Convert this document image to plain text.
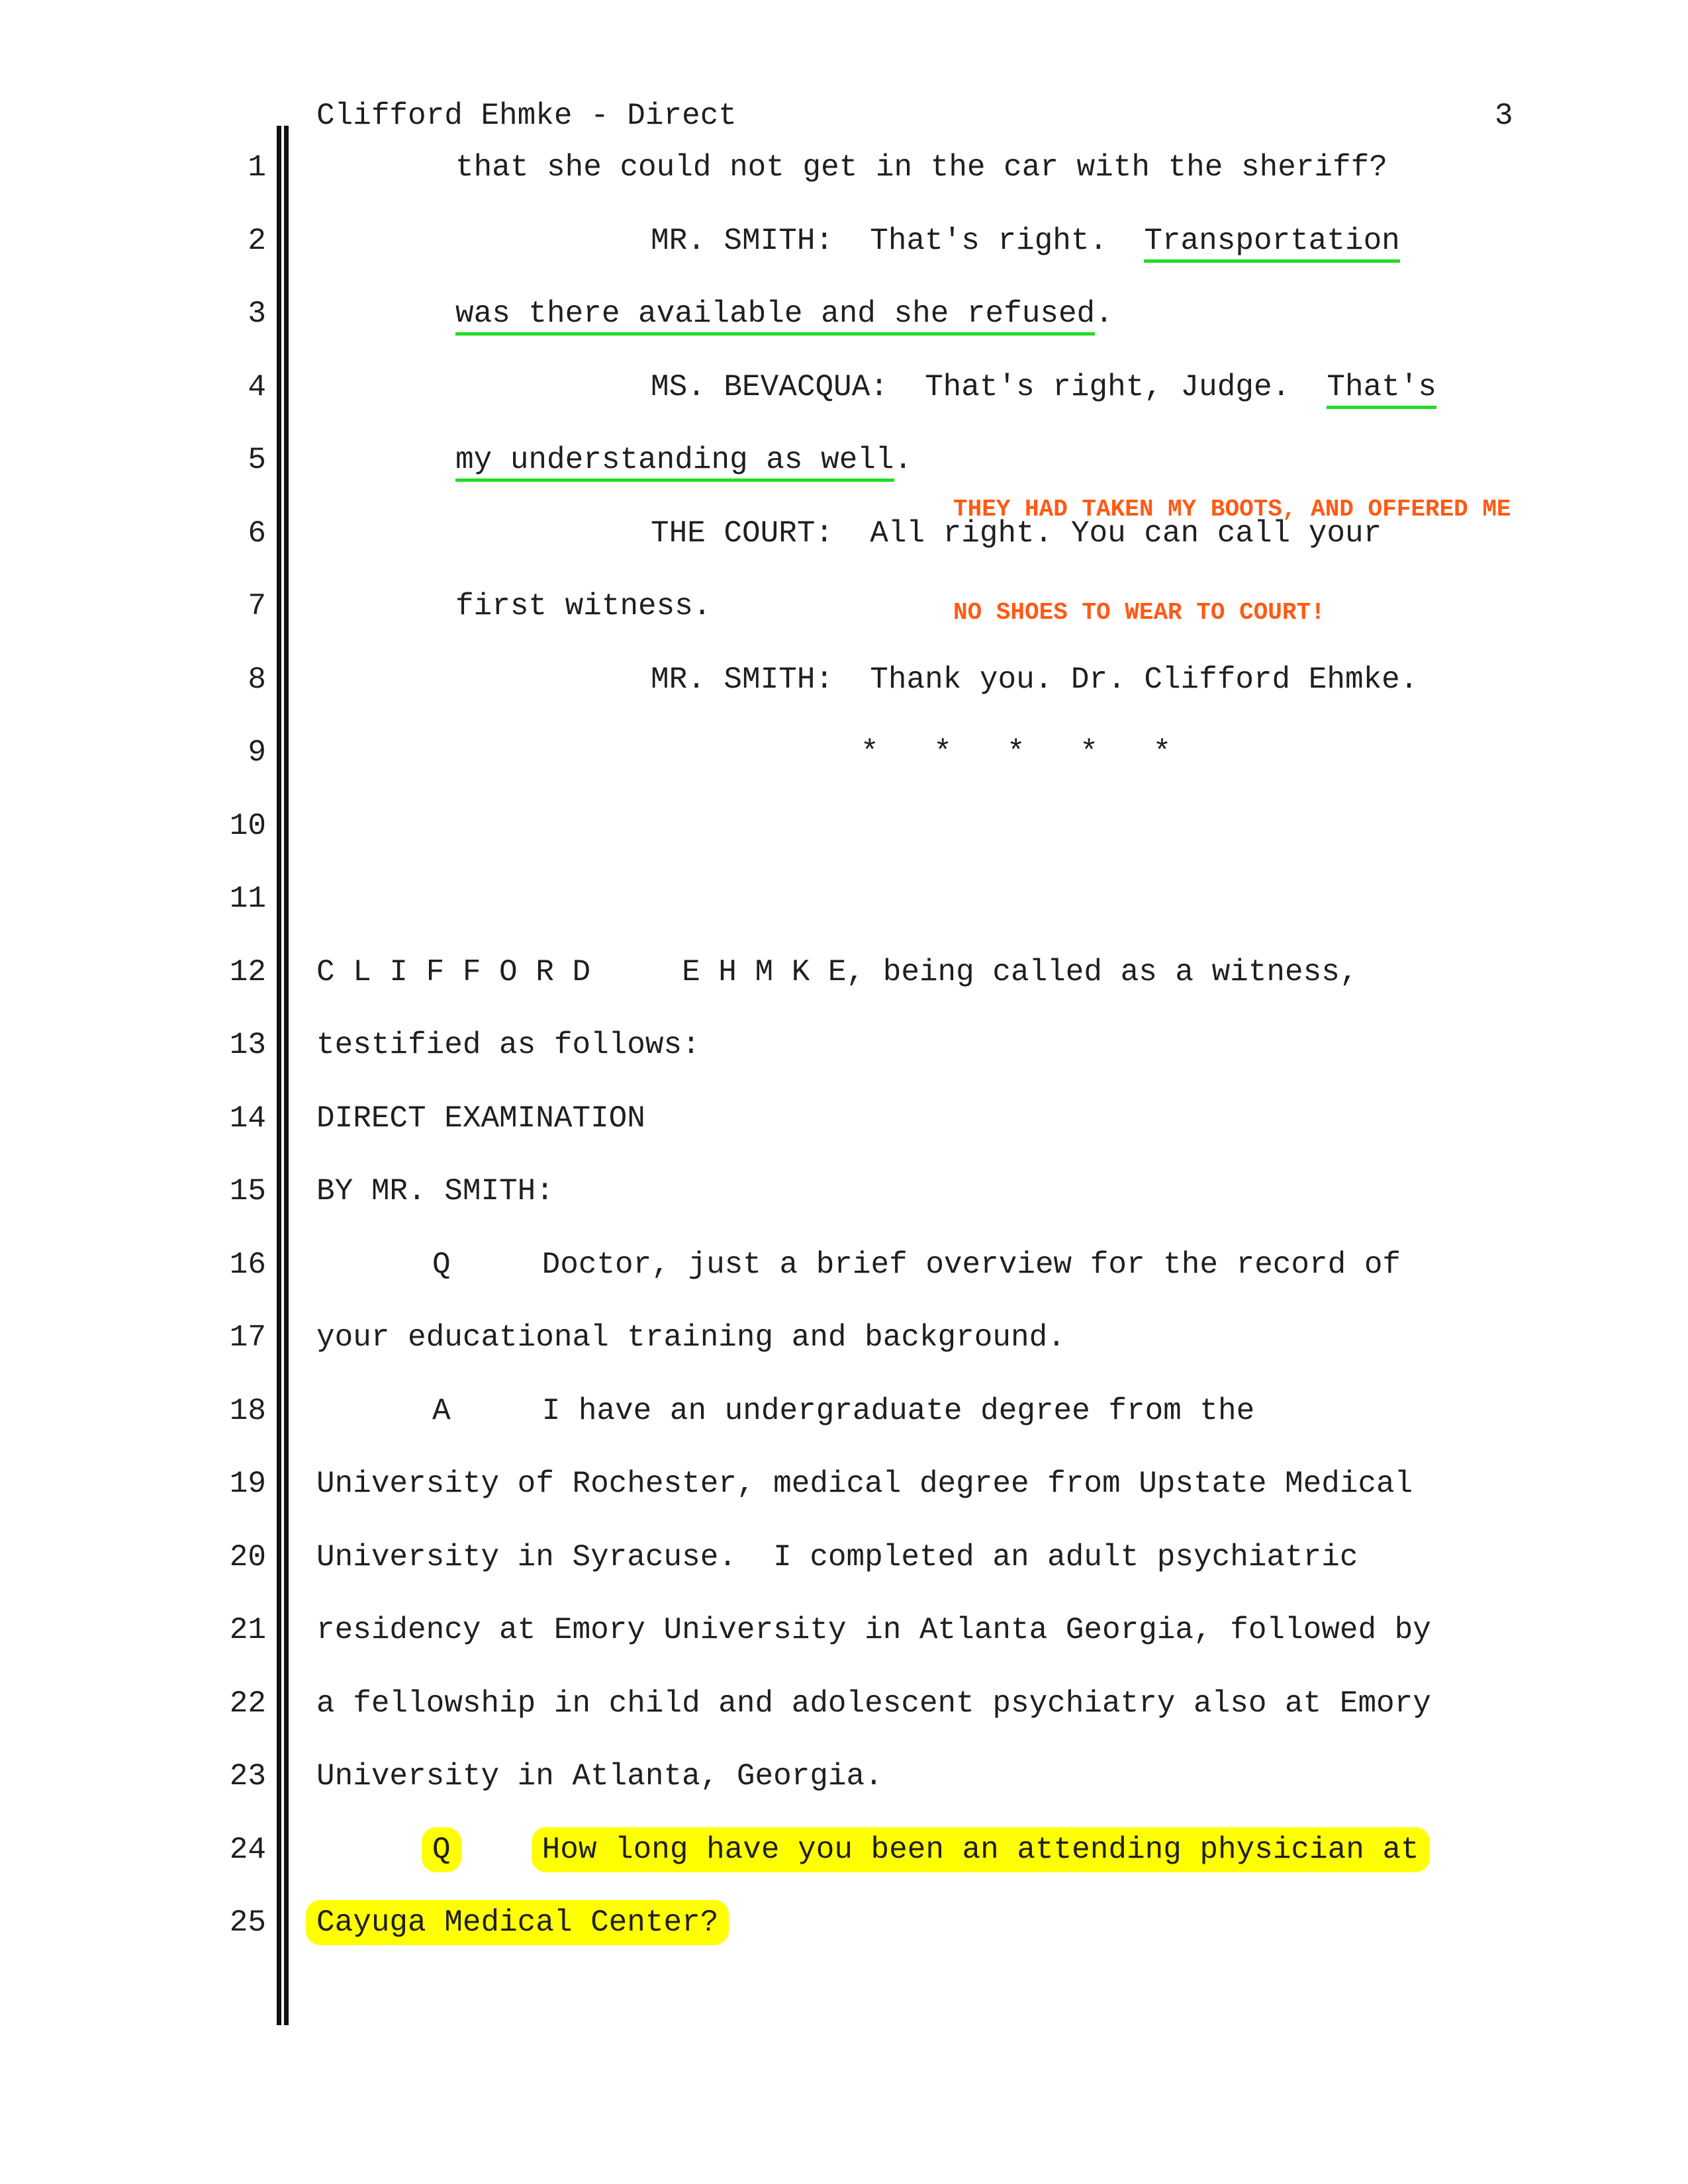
Clifford Ehmke - Direct	3
1	that she could not get in the car with the sheriff?
2	MR. SMITH:  That's right.  Transportation
3	was there available and she refused.
4	MS. BEVACQUA:  That's right, Judge.  That's
5	my understanding as well.
6	THE COURT:  All right. You can call your
7	first witness.
8	MR. SMITH:  Thank you. Dr. Clifford Ehmke.
9	*   *   *   *   *
10
11
12 C L I F F O R D     E H M K E, being called as a witness,
13 testified as follows:
14 DIRECT EXAMINATION
15 BY MR. SMITH:
16	Q     Doctor, just a brief overview for the record of
17 your educational training and background.
18	A     I have an undergraduate degree from the
19 University of Rochester, medical degree from Upstate Medical
20 University in Syracuse.  I completed an adult psychiatric
21 residency at Emory University in Atlanta Georgia, followed by
22 a fellowship in child and adolescent psychiatry also at Emory
23 University in Atlanta, Georgia.
24	Q	How long have you been an attending physician at
25 Cayuga Medical Center?

THEY HAD TAKEN MY BOOTS, AND OFFERED ME

NO SHOES TO WEAR TO COURT!
